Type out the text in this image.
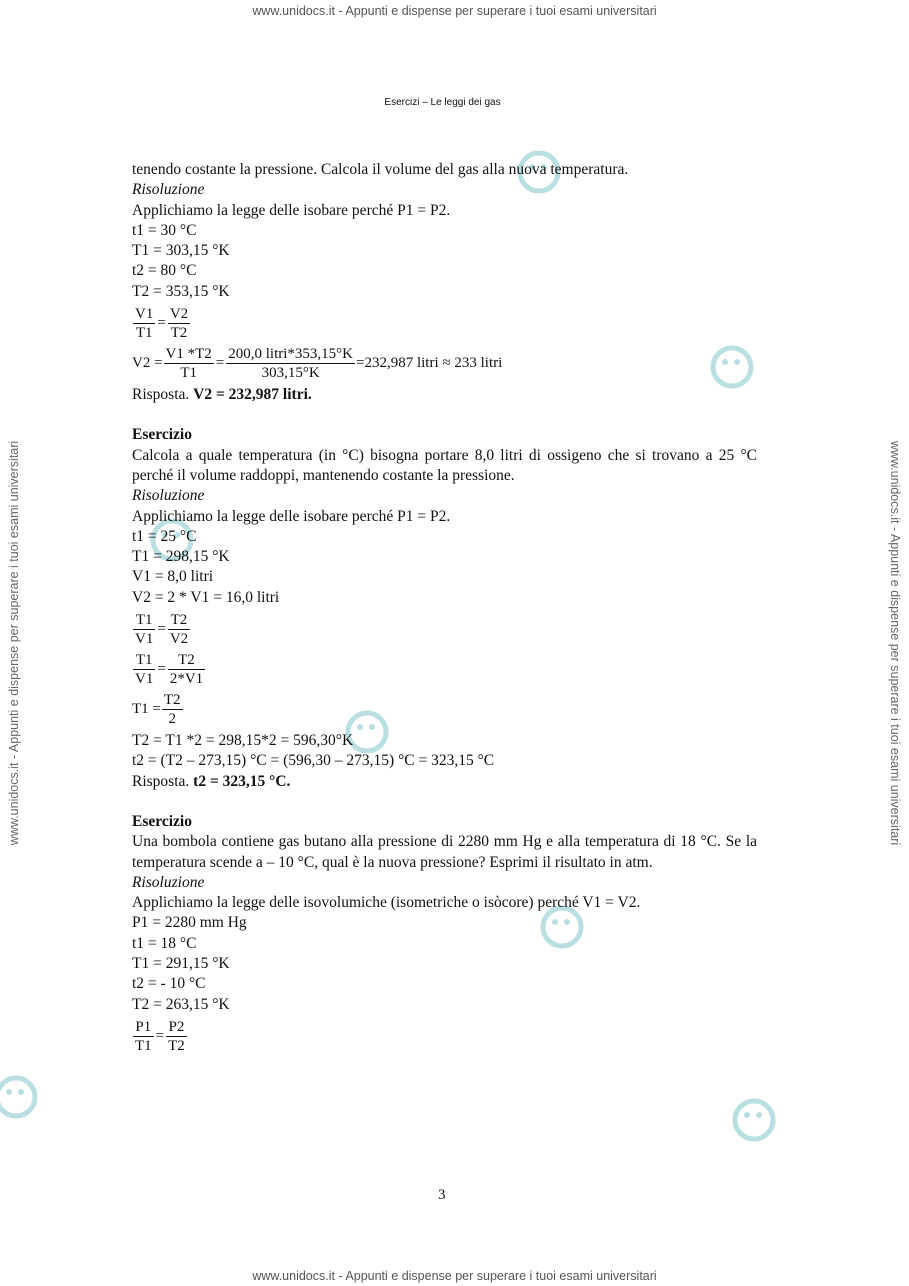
www.unidocs.it - Appunti e dispense per superare i tuoi esami universitari
www.unidocs.it - Appunti e dispense per superare i tuoi esami universitari
www.unidocs.it - Appunti e dispense per superare i tuoi esami universitari	www.unidocs.it - Appunti e dispense per superare i tuoi esami universitari
Esercizi – Le leggi dei gas
tenendo costante la pressione. Calcola il volume del gas alla nuova temperatura.
Risoluzione
Applichiamo la legge delle isobare perché P1 = P2.
t1 = 30 °C
T1 = 303,15 °K
t2 = 80 °C
T2 = 353,15 °K
$\frac{V1}{T1} = \frac{V2}{T2}$
$V2 = \frac{V1 *T2}{T1} = \frac{\text{200,0 litri*353,15°K}}{303,15^\circ K} =232,987$ litri ≈ 233 litri
Risposta. V2 = 232,987 litri.
Esercizio
Calcola a quale temperatura (in °C) bisogna portare 8,0 litri di ossigeno che si trovano a 25 °C perché il volume raddoppi, mantenendo costante la pressione.
Risoluzione
Applichiamo la legge delle isobare perché P1 = P2.
t1 = 25 °C
T1 = 298,15 °K
V1 = 8,0 litri
V2 = 2 * V1 = 16,0 litri
$\frac{T1}{V1} = \frac{T2}{V2}$
$\frac{T1}{V1} = \frac{T2}{2*V1}$
$T1 = \frac{T2}{2}$
T2 = T1 *2 = 298,15*2 = 596,30°K
t2 = (T2 – 273,15) °C = (596,30 – 273,15) °C = 323,15 °C
Risposta. t2 = 323,15 °C.
Esercizio
Una bombola contiene gas butano alla pressione di 2280 mm Hg e alla temperatura di 18 °C. Se la temperatura scende a – 10 °C, qual è la nuova pressione? Esprimi il risultato in atm.
Risoluzione
Applichiamo la legge delle isovolumiche (isometriche o isòcore) perché V1 = V2.
P1 = 2280 mm Hg
t1 = 18 °C
T1 = 291,15 °K
t2 = - 10 °C
T2 = 263,15 °K
$\frac{P1}{T1} = \frac{P2}{T2}$
3
